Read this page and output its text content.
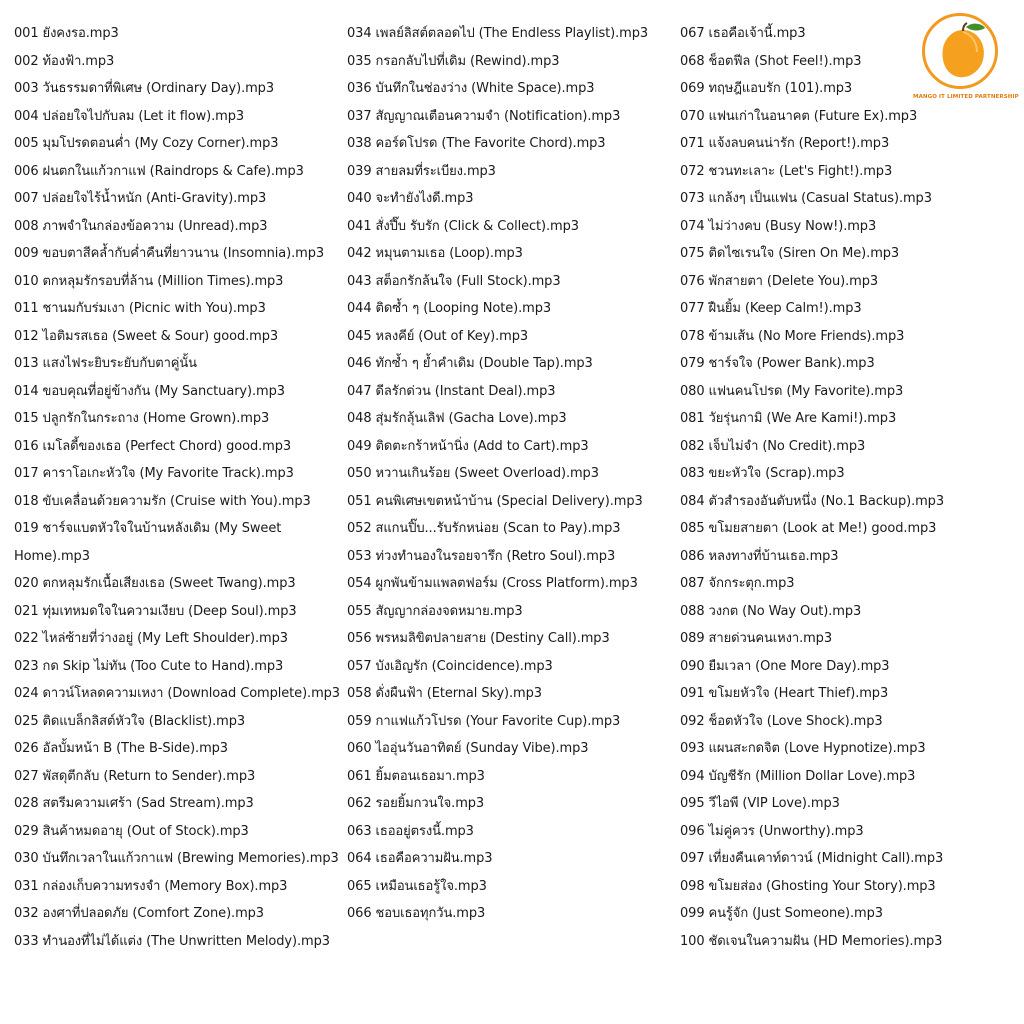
001 ยังคงรอ.mp3
002 ท้องฟ้า.mp3
003 วันธรรมดาที่พิเศษ (Ordinary Day).mp3
004 ปล่อยใจไปกับลม (Let it flow).mp3
005 มุมโปรดตอนค่ำ (My Cozy Corner).mp3
006 ฝนตกในแก้วกาแฟ (Raindrops & Cafe).mp3
007 ปล่อยใจไร้น้ำหนัก (Anti-Gravity).mp3
008 ภาพจำในกล่องข้อความ (Unread).mp3
009 ขอบตาสีคล้ำกับค่ำคืนที่ยาวนาน (Insomnia).mp3
010 ตกหลุมรักรอบที่ล้าน (Million Times).mp3
011 ชานมกับร่มเงา (Picnic with You).mp3
012 ไอติมรสเธอ (Sweet & Sour) good.mp3
013 แสงไฟระยิบระยับกับตาคู่นั้น
014 ขอบคุณที่อยู่ข้างกัน (My Sanctuary).mp3
015 ปลูกรักในกระถาง (Home Grown).mp3
016 เมโลดี้ของเธอ (Perfect Chord) good.mp3
017 คาราโอเกะหัวใจ (My Favorite Track).mp3
018 ขับเคลื่อนด้วยความรัก (Cruise with You).mp3
019 ชาร์จแบตหัวใจในบ้านหลังเดิม (My Sweet
Home).mp3
020 ตกหลุมรักเนื้อเสียงเธอ (Sweet Twang).mp3
021 ทุ่มเทหมดใจในความเงียบ (Deep Soul).mp3
022 ไหล่ซ้ายที่ว่างอยู่ (My Left Shoulder).mp3
023 กด Skip ไม่ทัน (Too Cute to Hand).mp3
024 ดาวน์โหลดความเหงา (Download Complete).mp3
025 ติดแบล็กลิสต์หัวใจ (Blacklist).mp3
026 อัลบั้มหน้า B (The B-Side).mp3
027 พัสดุตีกลับ (Return to Sender).mp3
028 สตรีมความเศร้า (Sad Stream).mp3
029 สินค้าหมดอายุ (Out of Stock).mp3
030 บันทึกเวลาในแก้วกาแฟ (Brewing Memories).mp3
031 กล่องเก็บความทรงจำ (Memory Box).mp3
032 องศาที่ปลอดภัย (Comfort Zone).mp3
033 ทำนองที่ไม่ได้แต่ง (The Unwritten Melody).mp3
034 เพลย์ลิสต์ตลอดไป (The Endless Playlist).mp3
035 กรอกลับไปที่เดิม (Rewind).mp3
036 บันทึกในช่องว่าง (White Space).mp3
037 สัญญาณเตือนความจำ (Notification).mp3
038 คอร์ดโปรด (The Favorite Chord).mp3
039 สายลมที่ระเบียง.mp3
040 จะทำยังไงดี.mp3
041 สั่งปึ๊บ รับรัก (Click & Collect).mp3
042 หมุนตามเธอ (Loop).mp3
043 สต็อกรักล้นใจ (Full Stock).mp3
044 ติดซ้ำ ๆ (Looping Note).mp3
045 หลงคีย์ (Out of Key).mp3
046 ทักซ้ำ ๆ ย้ำคำเดิม (Double Tap).mp3
047 ดีลรักด่วน (Instant Deal).mp3
048 สุ่มรักลุ้นเลิฟ (Gacha Love).mp3
049 ติดตะกร้าหน้านิ่ง (Add to Cart).mp3
050 หวานเกินร้อย (Sweet Overload).mp3
051 คนพิเศษเขตหน้าบ้าน (Special Delivery).mp3
052 สแกนปิ๊บ...รับรักหน่อย (Scan to Pay).mp3
053 ท่วงทำนองในรอยจารึก (Retro Soul).mp3
054 ผูกพันข้ามแพลตฟอร์ม (Cross Platform).mp3
055 สัญญากล่องจดหมาย.mp3
056 พรหมลิขิตปลายสาย (Destiny Call).mp3
057 บังเอิญรัก (Coincidence).mp3
058 ดั่งผืนฟ้า (Eternal Sky).mp3
059 กาแฟแก้วโปรด (Your Favorite Cup).mp3
060 ไออุ่นวันอาทิตย์ (Sunday Vibe).mp3
061 ยิ้มตอนเธอมา.mp3
062 รอยยิ้มกวนใจ.mp3
063 เธออยู่ตรงนี้.mp3
064 เธอคือความฝัน.mp3
065 เหมือนเธอรู้ใจ.mp3
066 ชอบเธอทุกวัน.mp3
067 เธอคือเจ้านี้.mp3
068 ช็อตฟีล (Shot Feel!).mp3
069 ทฤษฎีแอบรัก (101).mp3
070 แฟนเก่าในอนาคต (Future Ex).mp3
071 แจ้งลบคนน่ารัก (Report!).mp3
072 ชวนทะเลาะ (Let's Fight!).mp3
073 แกล้งๆ เป็นแฟน (Casual Status).mp3
074 ไม่ว่างคบ (Busy Now!).mp3
075 ติดไซเรนใจ (Siren On Me).mp3
076 พักสายตา (Delete You).mp3
077 ฝืนยิ้ม (Keep Calm!).mp3
078 ข้ามเส้น (No More Friends).mp3
079 ชาร์จใจ (Power Bank).mp3
080 แฟนคนโปรด (My Favorite).mp3
081 วัยรุ่นกามิ (We Are Kami!).mp3
082 เจ็บไม่จำ (No Credit).mp3
083 ขยะหัวใจ (Scrap).mp3
084 ตัวสำรองอันดับหนึ่ง (No.1 Backup).mp3
085 ขโมยสายตา (Look at Me!) good.mp3
086 หลงทางที่บ้านเธอ.mp3
087 จักกระตุก.mp3
088 วงกต (No Way Out).mp3
089 สายด่วนคนเหงา.mp3
090 ยืมเวลา (One More Day).mp3
091 ขโมยหัวใจ (Heart Thief).mp3
092 ช็อตหัวใจ (Love Shock).mp3
093 แผนสะกดจิต (Love Hypnotize).mp3
094 บัญชีรัก (Million Dollar Love).mp3
095 วีไอพี (VIP Love).mp3
096 ไม่คู่ควร (Unworthy).mp3
097 เที่ยงคืนเคาท์ดาวน์ (Midnight Call).mp3
098 ขโมยส่อง (Ghosting Your Story).mp3
099 คนรู้จัก (Just Someone).mp3
100 ชัดเจนในความฝัน (HD Memories).mp3
MANGO IT LIMITED PARTNERSHIP
